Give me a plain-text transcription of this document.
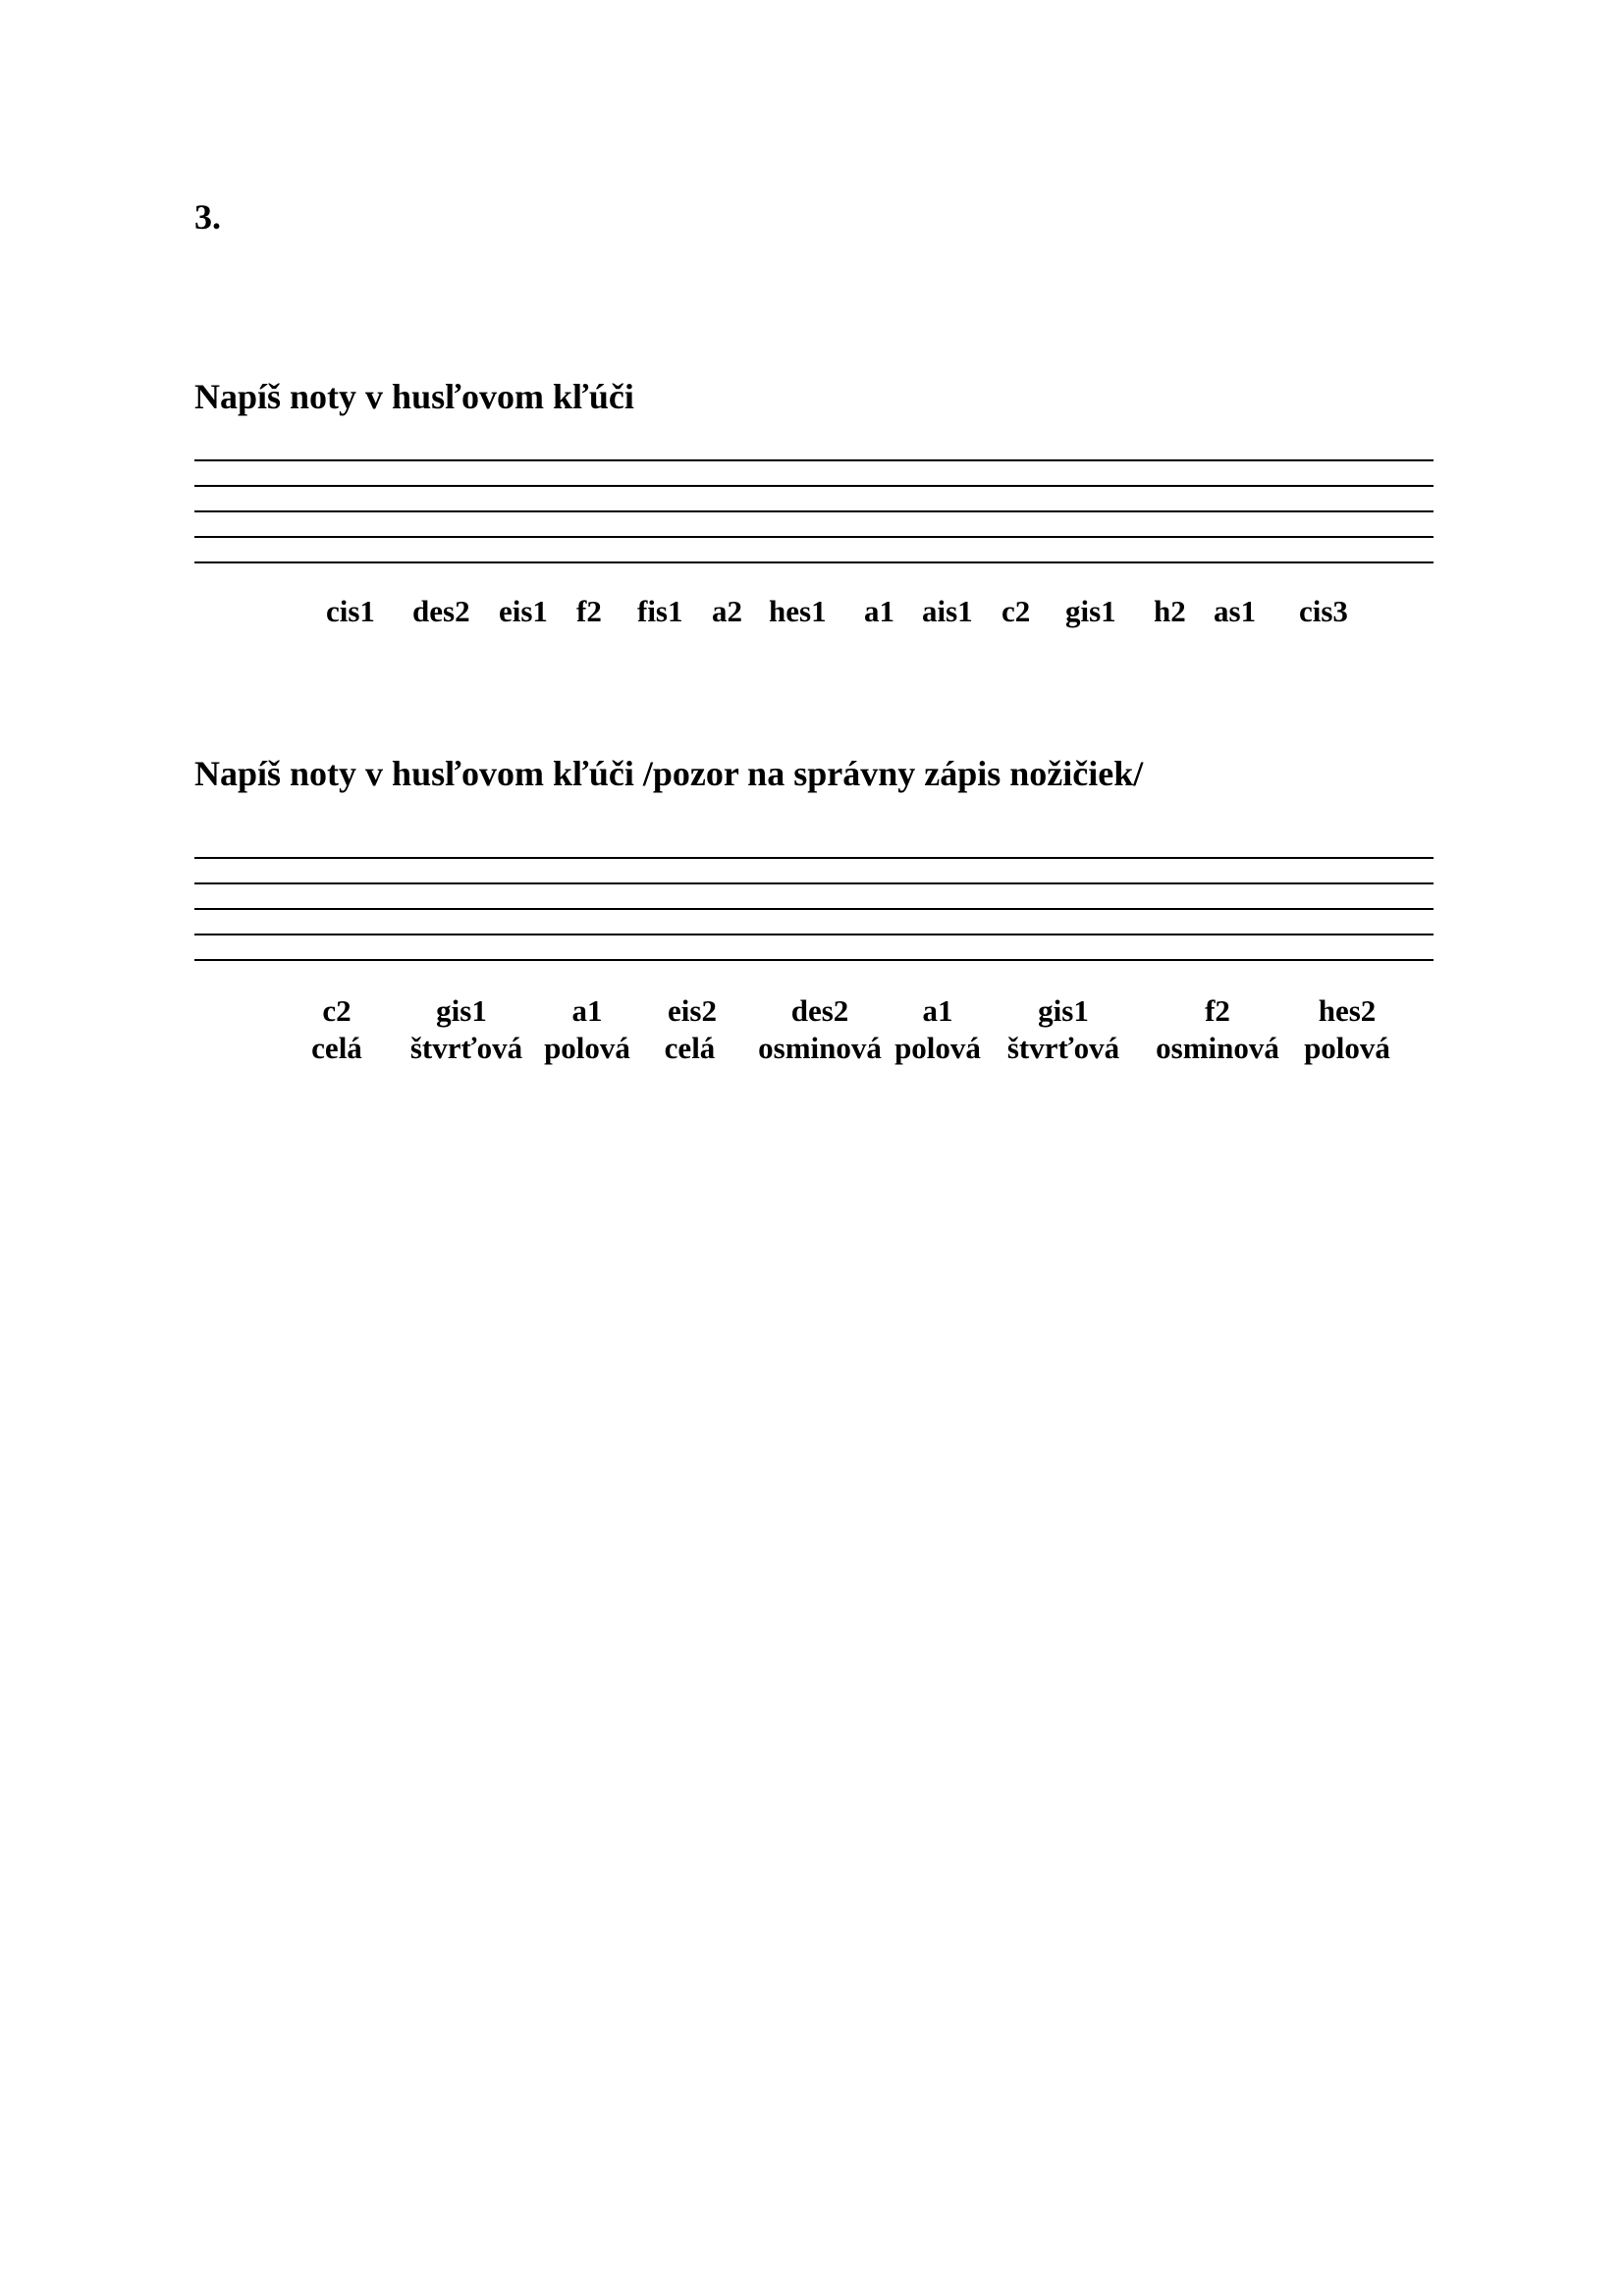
3.
Napíš noty v husľovom kľúči
cis1 des2 eis1 f2 fis1 a2 hes1 a1 ais1 c2 gis1 h2 as1 cis3
Napíš noty v husľovom kľúči /pozor na správny zápis nožičiek/
c2
celá
gis1
štvrťová
a1
polová
eis2
celá
des2
osminová
a1
polová
gis1
štvrťová
f2
osminová
hes2
polová
